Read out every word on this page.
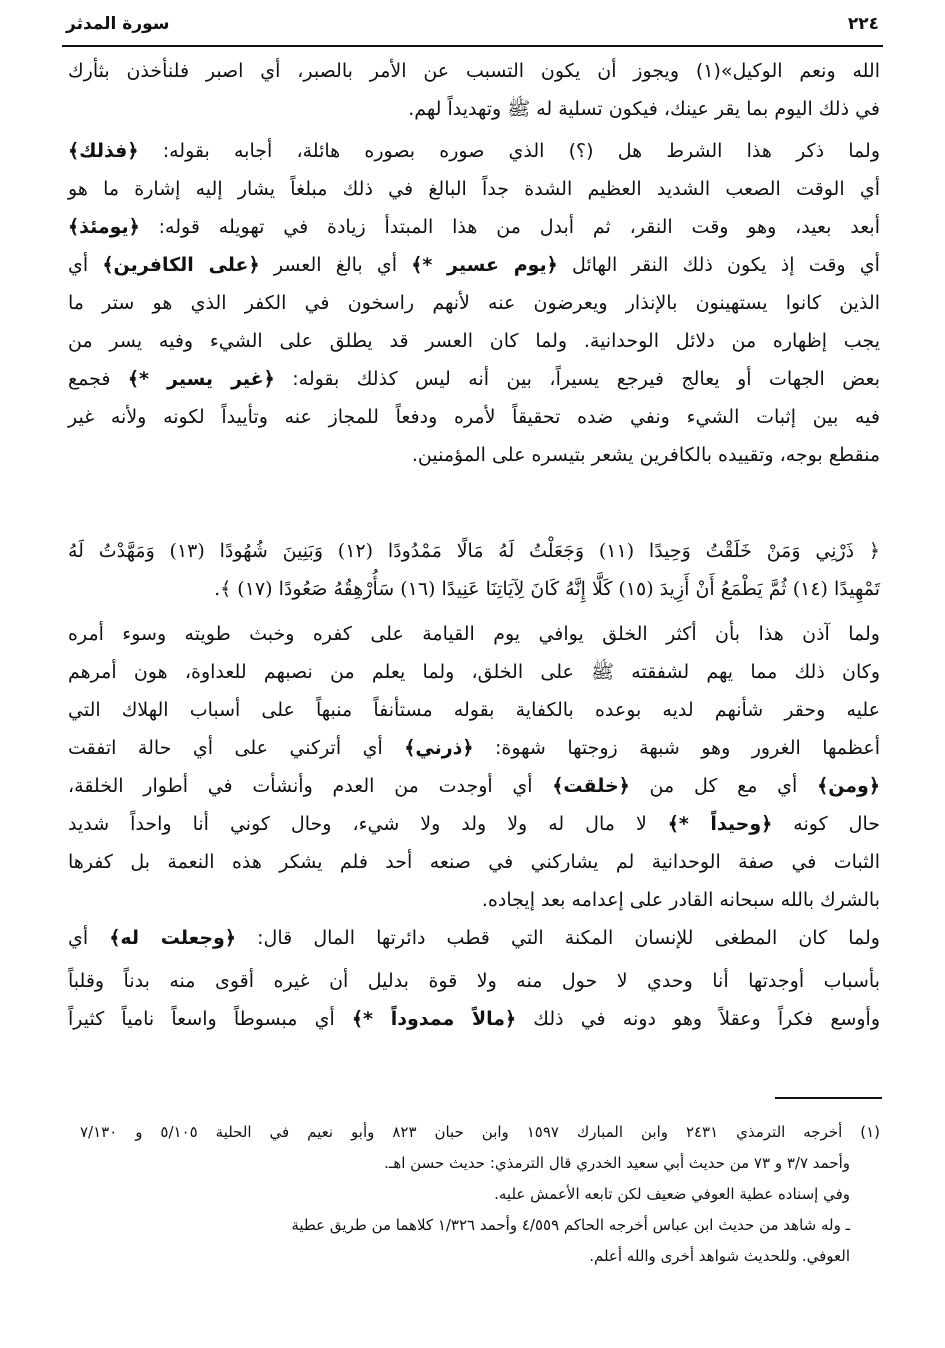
سورة المدثر	٢٢٤
الله ونعم الوكيل»(١) ويجوز أن يكون التسبب عن الأمر بالصبر، أي اصبر فلنأخذن بثأرك
في ذلك اليوم بما يقر عينك، فيكون تسلية له ﷺ وتهديداً لهم.
ولما ذكر هذا الشرط هل (؟) الذي صوره بصوره هائلة، أجابه بقوله: ﴿فذلك﴾
أي الوقت الصعب الشديد العظيم الشدة جداً البالغ في ذلك مبلغاً يشار إليه إشارة ما هو
أبعد بعيد، وهو وقت النقر، ثم أبدل من هذا المبتدأ زيادة في تهويله قوله: ﴿يومئذ﴾
أي وقت إذ يكون ذلك النقر الهائل ﴿يوم عسير *﴾ أي بالغ العسر ﴿على الكافرين﴾ أي
الذين كانوا يستهينون بالإنذار ويعرضون عنه لأنهم راسخون في الكفر الذي هو ستر ما
يجب إظهاره من دلائل الوحدانية. ولما كان العسر قد يطلق على الشيء وفيه يسر من
بعض الجهات أو يعالج فيرجع يسيراً، بين أنه ليس كذلك بقوله: ﴿غير يسير *﴾ فجمع
فيه بين إثبات الشيء ونفي ضده تحقيقاً لأمره ودفعاً للمجاز عنه وتأييداً لكونه ولأنه غير
منقطع بوجه، وتقييده بالكافرين يشعر بتيسره على المؤمنين.
﴿ ذَرْنِي وَمَنْ خَلَقْتُ وَحِيدًا (١١) وَجَعَلْتُ لَهُ مَالًا مَمْدُودًا (١٢) وَبَنِينَ شُهُودًا (١٣) وَمَهَّدْتُ لَهُ
تَمْهِيدًا (١٤) ثُمَّ يَطْمَعُ أَنْ أَزِيدَ (١٥) كَلَّا إِنَّهُ كَانَ لِآيَاتِنَا عَنِيدًا (١٦) سَأُرْهِقُهُ صَعُودًا (١٧) ﴾.
ولما آذن هذا بأن أكثر الخلق يوافي يوم القيامة على كفره وخبث طويته وسوء أمره
وكان ذلك مما يهم لشفقته ﷺ على الخلق، ولما يعلم من نصبهم للعداوة، هون أمرهم
عليه وحقر شأنهم لديه بوعده بالكفاية بقوله مستأنفاً منبهاً على أسباب الهلاك التي
أعظمها الغرور وهو شبهة زوجتها شهوة: ﴿ذرني﴾ أي أتركني على أي حالة اتفقت
﴿ومن﴾ أي مع كل من ﴿خلقت﴾ أي أوجدت من العدم وأنشأت في أطوار الخلقة،
حال كونه ﴿وحيداً *﴾ لا مال له ولا ولد ولا شيء، وحال كوني أنا واحداً شديد
الثبات في صفة الوحدانية لم يشاركني في صنعه أحد فلم يشكر هذه النعمة بل كفرها
بالشرك بالله سبحانه القادر على إعدامه بعد إيجاده.
ولما كان المطغى للإنسان المكنة التي قطب دائرتها المال قال: ﴿وجعلت له﴾ أي
بأسباب أوجدتها أنا وحدي لا حول منه ولا قوة بدليل أن غيره أقوى منه بدناً وقلباً
وأوسع فكراً وعقلاً وهو دونه في ذلك ﴿مالاً ممدوداً *﴾ أي مبسوطاً واسعاً نامياً كثيراً
(١) أخرجه الترمذي ٢٤٣١ وابن المبارك ١٥٩٧ وابن حبان ٨٢٣ وأبو نعيم في الحلية ٥/١٠٥ و ٧/١٣٠
وأحمد ٣/٧ و ٧٣ من حديث أبي سعيد الخدري قال الترمذي: حديث حسن اهـ.
وفي إسناده عطية العوفي ضعيف لكن تابعه الأعمش عليه.
ـ وله شاهد من حديث ابن عباس أخرجه الحاكم ٤/٥٥٩ وأحمد ١/٣٢٦ كلاهما من طريق عطية
العوفي. وللحديث شواهد أخرى والله أعلم.
